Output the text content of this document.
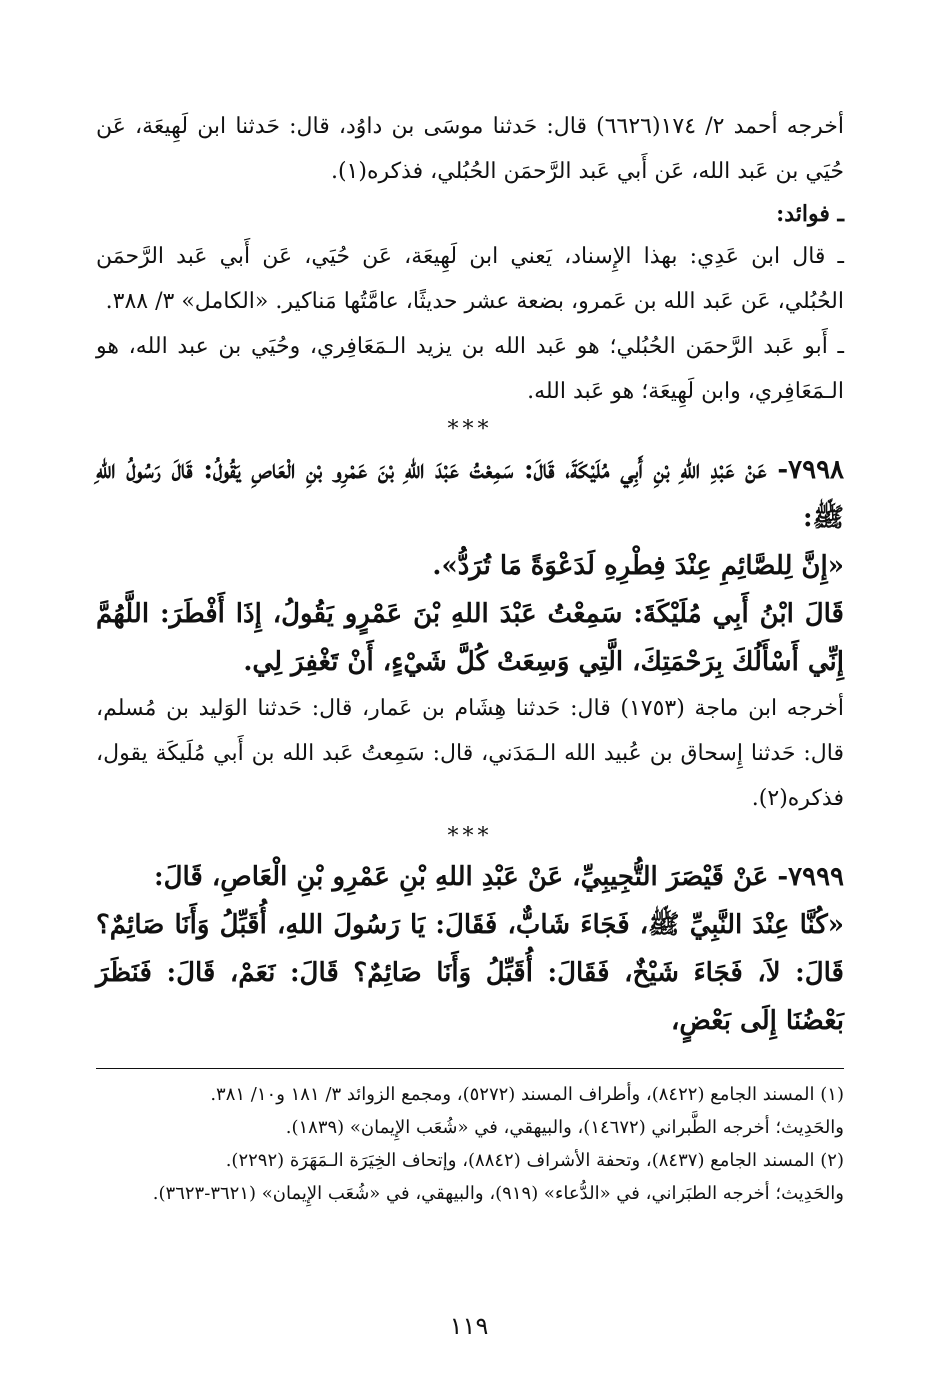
أخرجه أحمد ٢/ ١٧٤(٦٦٢٦) قال: حَدثنا موسَى بن داوُد، قال: حَدثنا ابن لَهِيعَة، عَن حُيَي بن عَبد الله، عَن أَبي عَبد الرَّحمَن الحُبُلي، فذكره(١).

ـ فوائد:

ـ قال ابن عَدِي: بهذا الإِسناد، يَعني ابن لَهِيعَة، عَن حُيَي، عَن أَبي عَبد الرَّحمَن الحُبُلي، عَن عَبد الله بن عَمرو، بضعة عشر حديثًا، عامَّتُها مَناكير. «الكامل» ٣/ ٣٨٨.

ـ أَبو عَبد الرَّحمَن الحُبُلي؛ هو عَبد الله بن يزيد الـمَعَافِري، وحُيَي بن عبد الله، هو الـمَعَافِري، وابن لَهِيعَة؛ هو عَبد الله.

***

٧٩٩٨- عَنْ عَبْدِ اللهِ بْنِ أَبِي مُلَيْكَةَ، قَالَ: سَمِعْتُ عَبْدَ اللهِ بْنَ عَمْرِو بْنِ الْعَاصِ يَقُولُ: قَالَ رَسُولُ اللهِ ﷺ:

«إِنَّ لِلصَّائِمِ عِنْدَ فِطْرِهِ لَدَعْوَةً مَا تُرَدُّ».

قَالَ ابْنُ أَبِي مُلَيْكَةَ: سَمِعْتُ عَبْدَ اللهِ بْنَ عَمْرٍو يَقُولُ، إِذَا أَفْطَرَ: اللَّهُمَّ إِنِّي أَسْأَلُكَ بِرَحْمَتِكَ، الَّتِي وَسِعَتْ كُلَّ شَيْءٍ، أَنْ تَغْفِرَ لِي.

أخرجه ابن ماجة (١٧٥٣) قال: حَدثنا هِشَام بن عَمار، قال: حَدثنا الوَليد بن مُسلم، قال: حَدثنا إِسحاق بن عُبيد الله الـمَدَني، قال: سَمِعتُ عَبد الله بن أَبي مُلَيكَة يقول، فذكره(٢).

***

٧٩٩٩- عَنْ قَيْصَرَ التُّجِيبِيِّ، عَنْ عَبْدِ اللهِ بْنِ عَمْرِو بْنِ الْعَاصِ، قَالَ:

«كُنَّا عِنْدَ النَّبِيِّ ﷺ، فَجَاءَ شَابٌّ، فَقَالَ: يَا رَسُولَ اللهِ، أُقَبِّلُ وَأَنَا صَائِمٌ؟ قَالَ: لاَ، فَجَاءَ شَيْخٌ، فَقَالَ: أُقَبِّلُ وَأَنَا صَائِمٌ؟ قَالَ: نَعَمْ، قَالَ: فَنَظَرَ بَعْضُنَا إِلَى بَعْضٍ،

(١) المسند الجامع (٨٤٢٢)، وأطراف المسند (٥٢٧٢)، ومجمع الزوائد ٣/ ١٨١ و١٠/ ٣٨١.

والحَدِيث؛ أخرجه الطَّبراني (١٤٦٧٢)، والبيهقي، في «شُعَب الإِيمان» (١٨٣٩).

(٢) المسند الجامع (٨٤٣٧)، وتحفة الأشراف (٨٨٤٢)، وإتحاف الخِيَرَة الـمَهَرَة (٢٢٩٢).

والحَدِيث؛ أخرجه الطبَراني، في «الدُّعاء» (٩١٩)، والبيهقي، في «شُعَب الإِيمان» (٣٦٢١-٣٦٢٣).

١١٩
